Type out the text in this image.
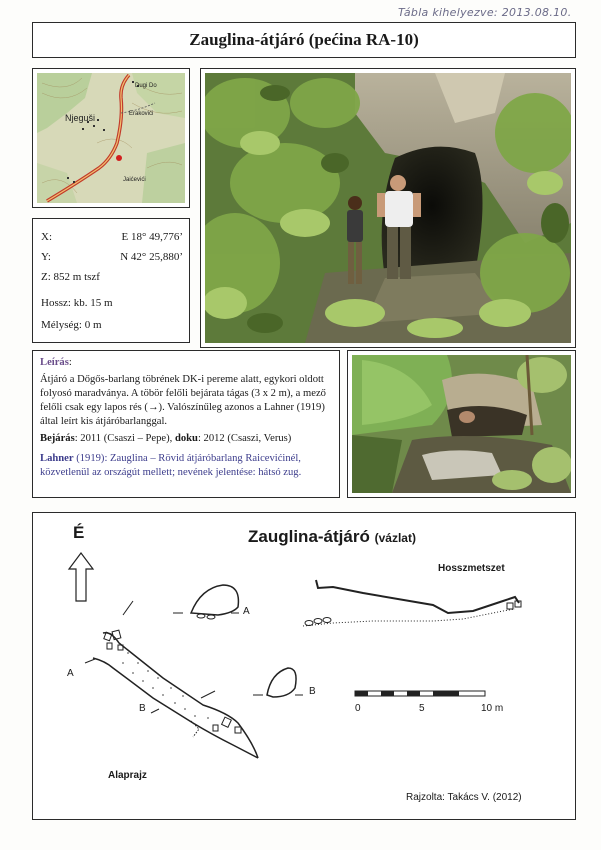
Tábla kihelyezve: 2013.08.10.
Zauglina-átjáró (pećina RA-10)
Dugi Do
Erakovići
Njeguši
Jaićevići
X:	E 18° 49,776’
Y:	N 42° 25,880’
Z: 852 m tszf
Hossz: kb. 15 m
Mélység: 0 m

Leírás:

Átjáró a Dőgős-barlang töbrének DK-i pereme alatt, egykori oldott folyosó maradványa. A töbör felőli bejárata tágas (3 x 2 m), a mező felőli csak egy lapos rés (→). Valószínűleg azonos a Lahner (1919) által leírt kis átjáróbarlanggal.

Bejárás: 2011 (Csaszi – Pepe), doku: 2012 (Csaszi, Verus)

Lahner (1919): Zauglina – Rövid átjáróbarlang Raicevićinél, közvetlenül az országút mellett; nevének jelentése: hátsó zug.

Zauglina-átjáró (vázlat)
É
Hosszmetszet
Alaprajz
Rajzolta: Takács V. (2012)
A
A
B
B	0	5	10 m
